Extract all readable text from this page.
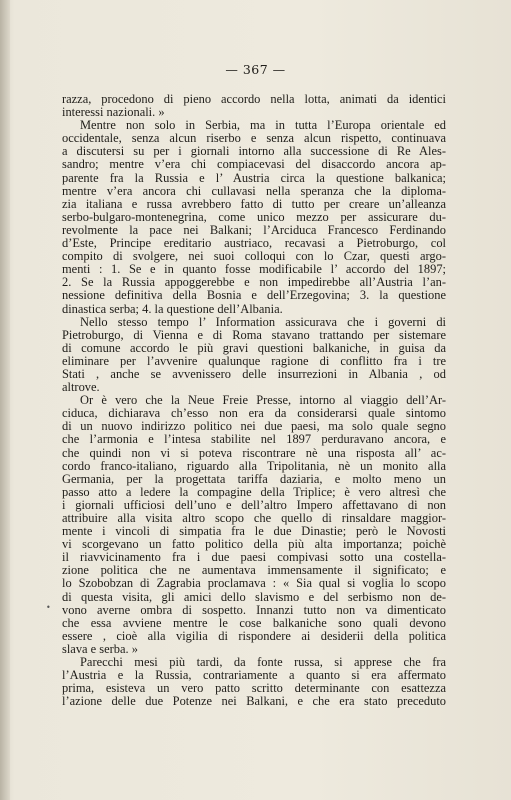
— 367 —
razza, procedono di pieno accordo nella lotta, animati da identici
interessi nazionali. »
Mentre non solo in Serbia, ma in tutta l’Europa orientale ed
occidentale, senza alcun riserbo e senza alcun rispetto, continuava
a discutersi su per i giornali intorno alla successione di Re Ales-
sandro; mentre v’era chi compiacevasi del disaccordo ancora ap-
parente fra la Russia e l’ Austria circa la questione balkanica;
mentre v’era ancora chi cullavasi nella speranza che la diploma-
zia italiana e russa avrebbero fatto di tutto per creare un’alleanza
serbo-bulgaro-montenegrina, come unico mezzo per assicurare du-
revolmente la pace nei Balkani; l’Arciduca Francesco Ferdinando
d’Este, Principe ereditario austriaco, recavasi a Pietroburgo, col
compito di svolgere, nei suoi colloqui con lo Czar, questi argo-
menti : 1. Se e in quanto fosse modificabile l’ accordo del 1897;
2. Se la Russia appoggerebbe e non impedirebbe all’Austria l’an-
nessione definitiva della Bosnia e dell’Erzegovina; 3. la questione
dinastica serba; 4. la questione dell’Albania.
Nello stesso tempo l’ Information assicurava che i governi di
Pietroburgo, di Vienna e di Roma stavano trattando per sistemare
di comune accordo le più gravi questioni balkaniche, in guisa da
eliminare per l’avvenire qualunque ragione di conflitto fra i tre
Stati , anche se avvenissero delle insurrezioni in Albania , od
altrove.
Or è vero che la Neue Freie Presse, intorno al viaggio dell’Ar-
ciduca, dichiarava ch’esso non era da considerarsi quale sintomo
di un nuovo indirizzo politico nei due paesi, ma solo quale segno
che l’armonia e l’intesa stabilite nel 1897 perduravano ancora, e
che quindi non vi si poteva riscontrare nè una risposta all’ ac-
cordo franco-italiano, riguardo alla Tripolitania, nè un monito alla
Germania, per la progettata tariffa daziaria, e molto meno un
passo atto a ledere la compagine della Triplice; è vero altresì che
i giornali ufficiosi dell’uno e dell’altro Impero affettavano di non
attribuire alla visita altro scopo che quello di rinsaldare maggior-
mente i vincoli di simpatia fra le due Dinastie; però le Novosti
vi scorgevano un fatto politico della più alta importanza; poichè
il riavvicinamento fra i due paesi compivasi sotto una costella-
zione politica che ne aumentava immensamente il significato; e
lo Szobobzan di Zagrabia proclamava : « Sia qual si voglia lo scopo
di questa visita, gli amici dello slavismo e del serbismo non de-
vono averne ombra di sospetto. Innanzi tutto non va dimenticato
che essa avviene mentre le cose balkaniche sono quali devono
essere , cioè alla vigilia di rispondere ai desiderii della politica
slava e serba. »
Parecchi mesi più tardi, da fonte russa, si apprese che fra
l’Austria e la Russia, contrariamente a quanto si era affermato
prima, esisteva un vero patto scritto determinante con esattezza
l’azione delle due Potenze nei Balkani, e che era stato preceduto
•
